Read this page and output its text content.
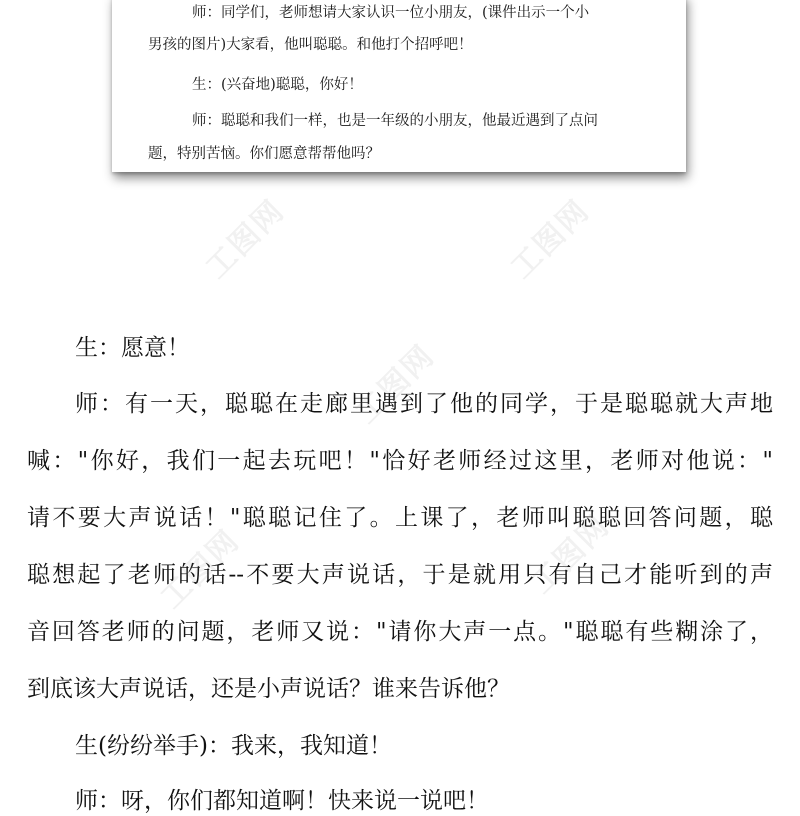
师：同学们，老师想请大家认识一位小朋友，(课件出示一个小
男孩的图片)大家看，他叫聪聪。和他打个招呼吧！
生：(兴奋地)聪聪，你好！
师：聪聪和我们一样，也是一年级的小朋友，他最近遇到了点问
题，特别苦恼。你们愿意帮帮他吗？
生：愿意！
师：有一天，聪聪在走廊里遇到了他的同学，于是聪聪就大声地
喊："你好，我们一起去玩吧！"恰好老师经过这里，老师对他说："
请不要大声说话！"聪聪记住了。上课了，老师叫聪聪回答问题，聪
聪想起了老师的话--不要大声说话，于是就用只有自己才能听到的声
音回答老师的问题，老师又说："请你大声一点。"聪聪有些糊涂了，
到底该大声说话，还是小声说话？谁来告诉他？
生(纷纷举手)：我来，我知道！
师：呀，你们都知道啊！快来说一说吧！
工图网	工图网
工图网
工图网	工图网
